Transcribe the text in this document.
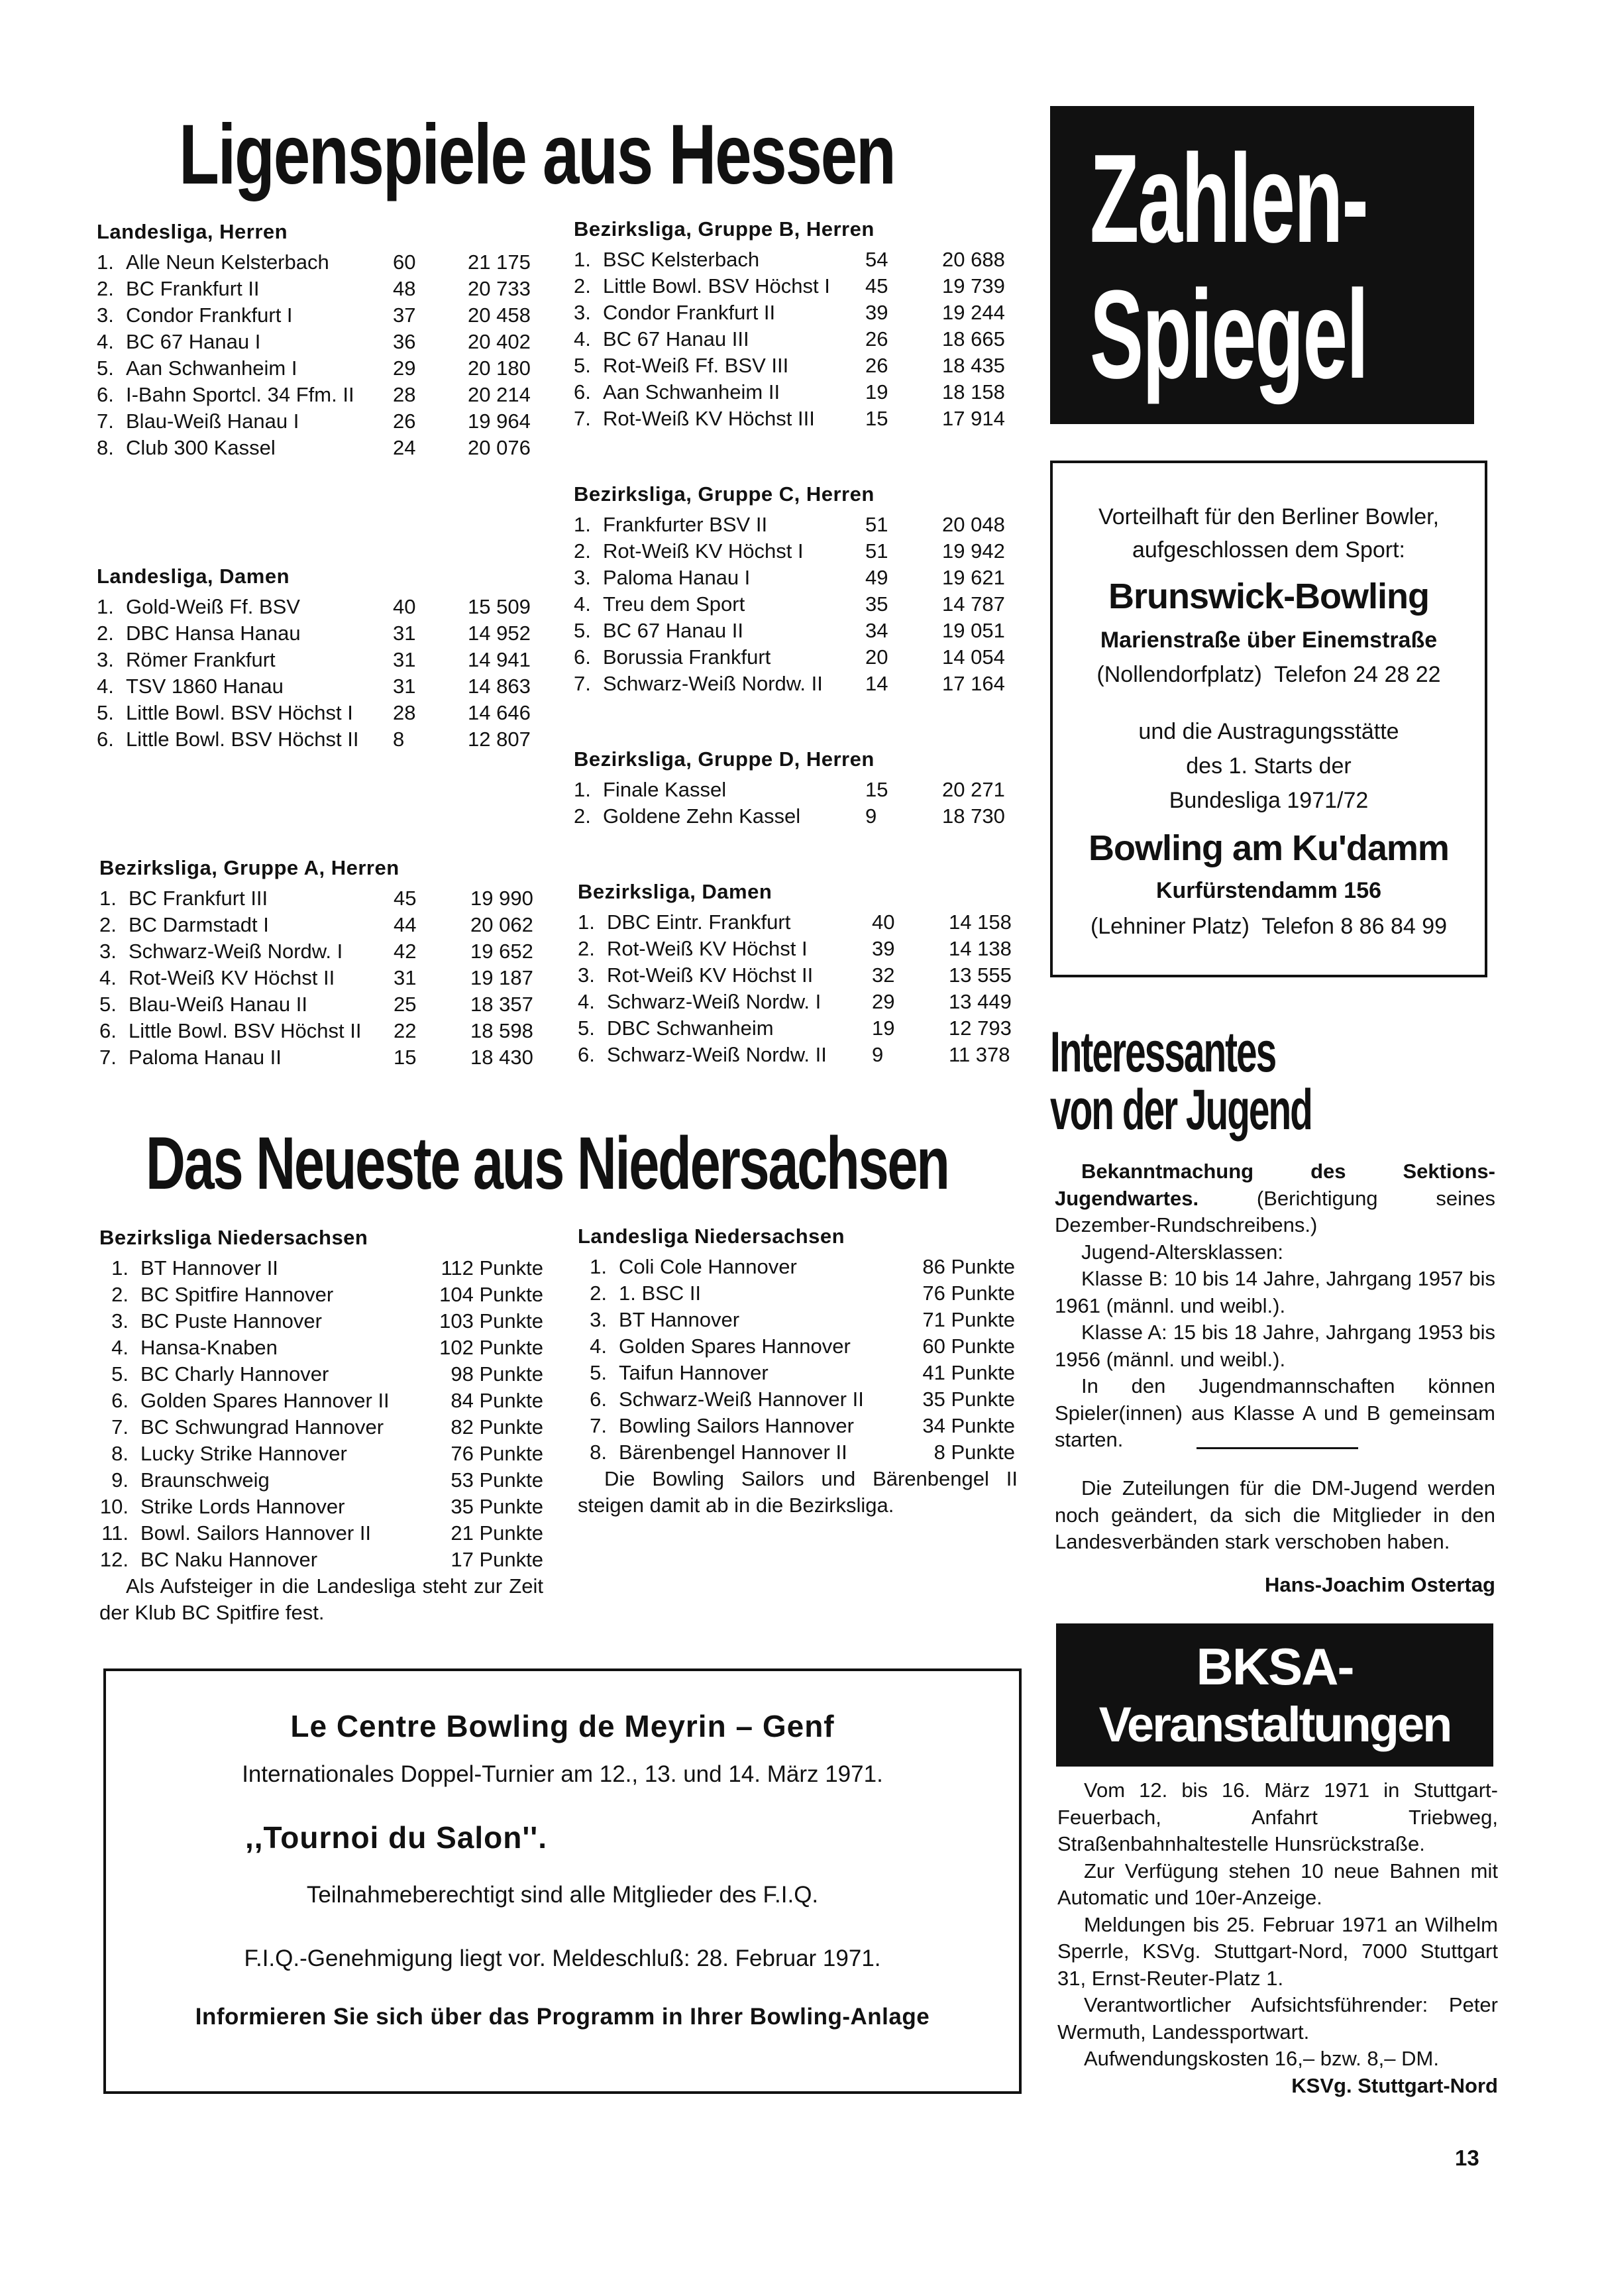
Ligenspiele aus Hessen Zahlen-
Spiegel
Landesliga, Herren
1. Alle Neun Kelsterbach	60	21 175
2. BC Frankfurt II	48	20 733
3. Condor Frankfurt I	37	20 458
4. BC 67 Hanau I	36	20 402
5. Aan Schwanheim I	29	20 180
6. I-Bahn Sportcl. 34 Ffm. II 28	20 214
7. Blau-Weiß Hanau I	26	19 964
8. Club 300 Kassel	24	20 076
Landesliga, Damen
1. Gold-Weiß Ff. BSV	40	15 509
2. DBC Hansa Hanau	31	14 952
3. Römer Frankfurt	31	14 941
4. TSV 1860 Hanau	31	14 863
5. Little Bowl. BSV Höchst I 28	14 646
6. Little Bowl. BSV Höchst II 8	12 807
Bezirksliga, Gruppe A, Herren
1. BC Frankfurt III	45	19 990
2. BC Darmstadt I	44	20 062
3. Schwarz-Weiß Nordw. I 42	19 652
4. Rot-Weiß KV Höchst II	31	19 187
5. Blau-Weiß Hanau II	25	18 357
6. Little Bowl. BSV Höchst II 22	18 598
7. Paloma Hanau II	15	18 430
Bezirksliga, Gruppe B, Herren
1. BSC Kelsterbach	54	20 688
2. Little Bowl. BSV Höchst I 45	19 739
3. Condor Frankfurt II	39	19 244
4. BC 67 Hanau III	26	18 665
5. Rot-Weiß Ff. BSV III	26	18 435
6. Aan Schwanheim II	19	18 158
7. Rot-Weiß KV Höchst III 15	17 914
Bezirksliga, Gruppe C, Herren
1. Frankfurter BSV II	51	20 048
2. Rot-Weiß KV Höchst I	51	19 942
3. Paloma Hanau I	49	19 621
4. Treu dem Sport	35	14 787
5. BC 67 Hanau II	34	19 051
6. Borussia Frankfurt	20	14 054
7. Schwarz-Weiß Nordw. II 14	17 164
Bezirksliga, Gruppe D, Herren
1. Finale Kassel	15	20 271
2. Goldene Zehn Kassel	9	18 730
Bezirksliga, Damen
1. DBC Eintr. Frankfurt	40	14 158
2. Rot-Weiß KV Höchst I	39	14 138
3. Rot-Weiß KV Höchst II	32	13 555
4. Schwarz-Weiß Nordw. I 29	13 449
5. DBC Schwanheim	19	12 793
6. Schwarz-Weiß Nordw. II 9	11 378
Vorteilhaft für den Berliner Bowler,
aufgeschlossen dem Sport:
Brunswick-Bowling
Marienstraße über Einemstraße
(Nollendorfplatz)  Telefon 24 28 22
und die Austragungsstätte
des 1. Starts der
Bundesliga 1971/72
Bowling am Ku'damm
Kurfürstendamm 156
(Lehniner Platz)  Telefon 8 86 84 99
Interessantes
von der Jugend
Bekanntmachung des Sektions-Jugendwartes. (Berichtigung seines Dezember-Rundschreibens.)
Jugend-Altersklassen:
Klasse B: 10 bis 14 Jahre, Jahrgang 1957 bis 1961 (männl. und weibl.).
Klasse A: 15 bis 18 Jahre, Jahrgang 1953 bis 1956 (männl. und weibl.).
In den Jugendmannschaften können Spieler(innen) aus Klasse A und B gemeinsam starten.
Die Zuteilungen für die DM-Jugend werden noch geändert, da sich die Mitglieder in den Landesverbänden stark verschoben haben.
Hans-Joachim Ostertag
BKSA-
Veranstaltungen
Vom 12. bis 16. März 1971 in Stuttgart-Feuerbach, Anfahrt Triebweg, Straßenbahnhaltestelle Hunsrückstraße.
Zur Verfügung stehen 10 neue Bahnen mit Automatic und 10er-Anzeige.
Meldungen bis 25. Februar 1971 an Wilhelm Sperrle, KSVg. Stuttgart-Nord, 7000 Stuttgart 31, Ernst-Reuter-Platz 1.
Verantwortlicher Aufsichtsführender: Peter Wermuth, Landessportwart.
Aufwendungskosten 16,– bzw. 8,– DM.
KSVg. Stuttgart-Nord
Das Neueste aus Niedersachsen
Bezirksliga Niedersachsen
1. BT Hannover II	112 Punkte
2. BC Spitfire Hannover	104 Punkte
3. BC Puste Hannover	103 Punkte
4. Hansa-Knaben	102 Punkte
5. BC Charly Hannover	98 Punkte
6. Golden Spares Hannover II	84 Punkte
7. BC Schwungrad Hannover	82 Punkte
8. Lucky Strike Hannover	76 Punkte
9. Braunschweig	53 Punkte
10. Strike Lords Hannover	35 Punkte
11. Bowl. Sailors Hannover II	21 Punkte
12. BC Naku Hannover	17 Punkte
Als Aufsteiger in die Landesliga steht zur Zeit der Klub BC Spitfire fest.
Landesliga Niedersachsen
1. Coli Cole Hannover	86 Punkte
2. 1. BSC II	76 Punkte
3. BT Hannover	71 Punkte
4. Golden Spares Hannover	60 Punkte
5. Taifun Hannover	41 Punkte
6. Schwarz-Weiß Hannover II	35 Punkte
7. Bowling Sailors Hannover	34 Punkte
8. Bärenbengel Hannover II	8 Punkte
Die Bowling Sailors und Bärenbengel II steigen damit ab in die Bezirksliga.
Le Centre Bowling de Meyrin – Genf
Internationales Doppel-Turnier am 12., 13. und 14. März 1971.
,,Tournoi du Salon''.
Teilnahmeberechtigt sind alle Mitglieder des F.I.Q.
F.I.Q.-Genehmigung liegt vor. Meldeschluß: 28. Februar 1971.
Informieren Sie sich über das Programm in Ihrer Bowling-Anlage
13
